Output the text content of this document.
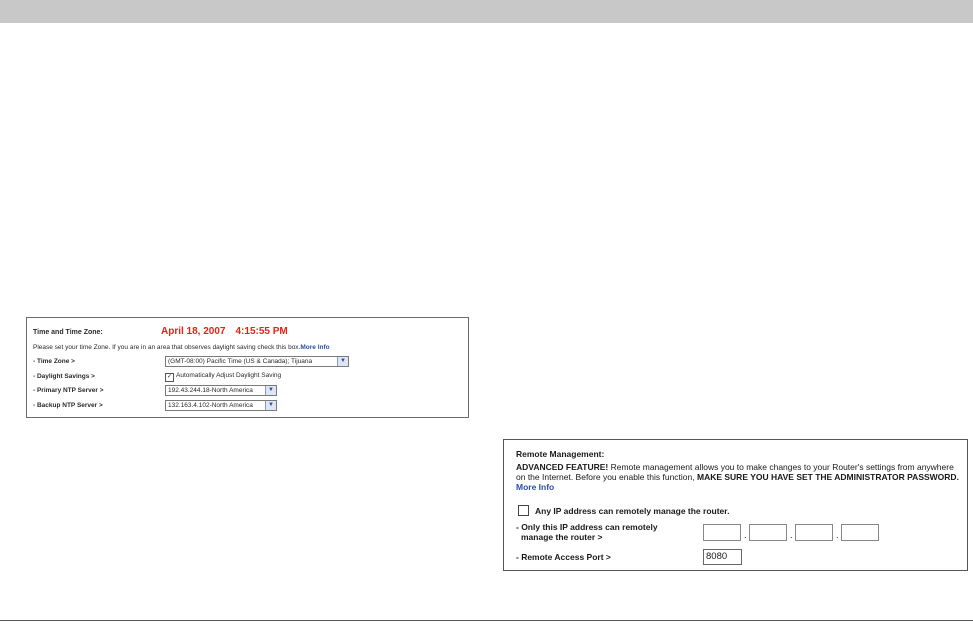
Time and Time Zone:	April 18, 2007 4:15:55 PM
Please set your time Zone. If you are in an area that observes daylight saving check this box.More Info
- Time Zone >	(GMT-08:00) Pacific Time (US & Canada); Tijuana	▼
- Daylight Savings >	✓ Automatically Adjust Daylight Saving
- Primary NTP Server >	192.43.244.18-North America	▼
- Backup NTP Server >	132.163.4.102-North America	▼
Remote Management:
ADVANCED FEATURE! Remote management allows you to make changes to your Router's settings from anywhere on the Internet. Before you enable this function, MAKE SURE YOU HAVE SET THE ADMINISTRATOR PASSWORD. More Info
Any IP address can remotely manage the router.
- Only this IP address can remotely
manage the router >	.	.	.
- Remote Access Port >	8080
